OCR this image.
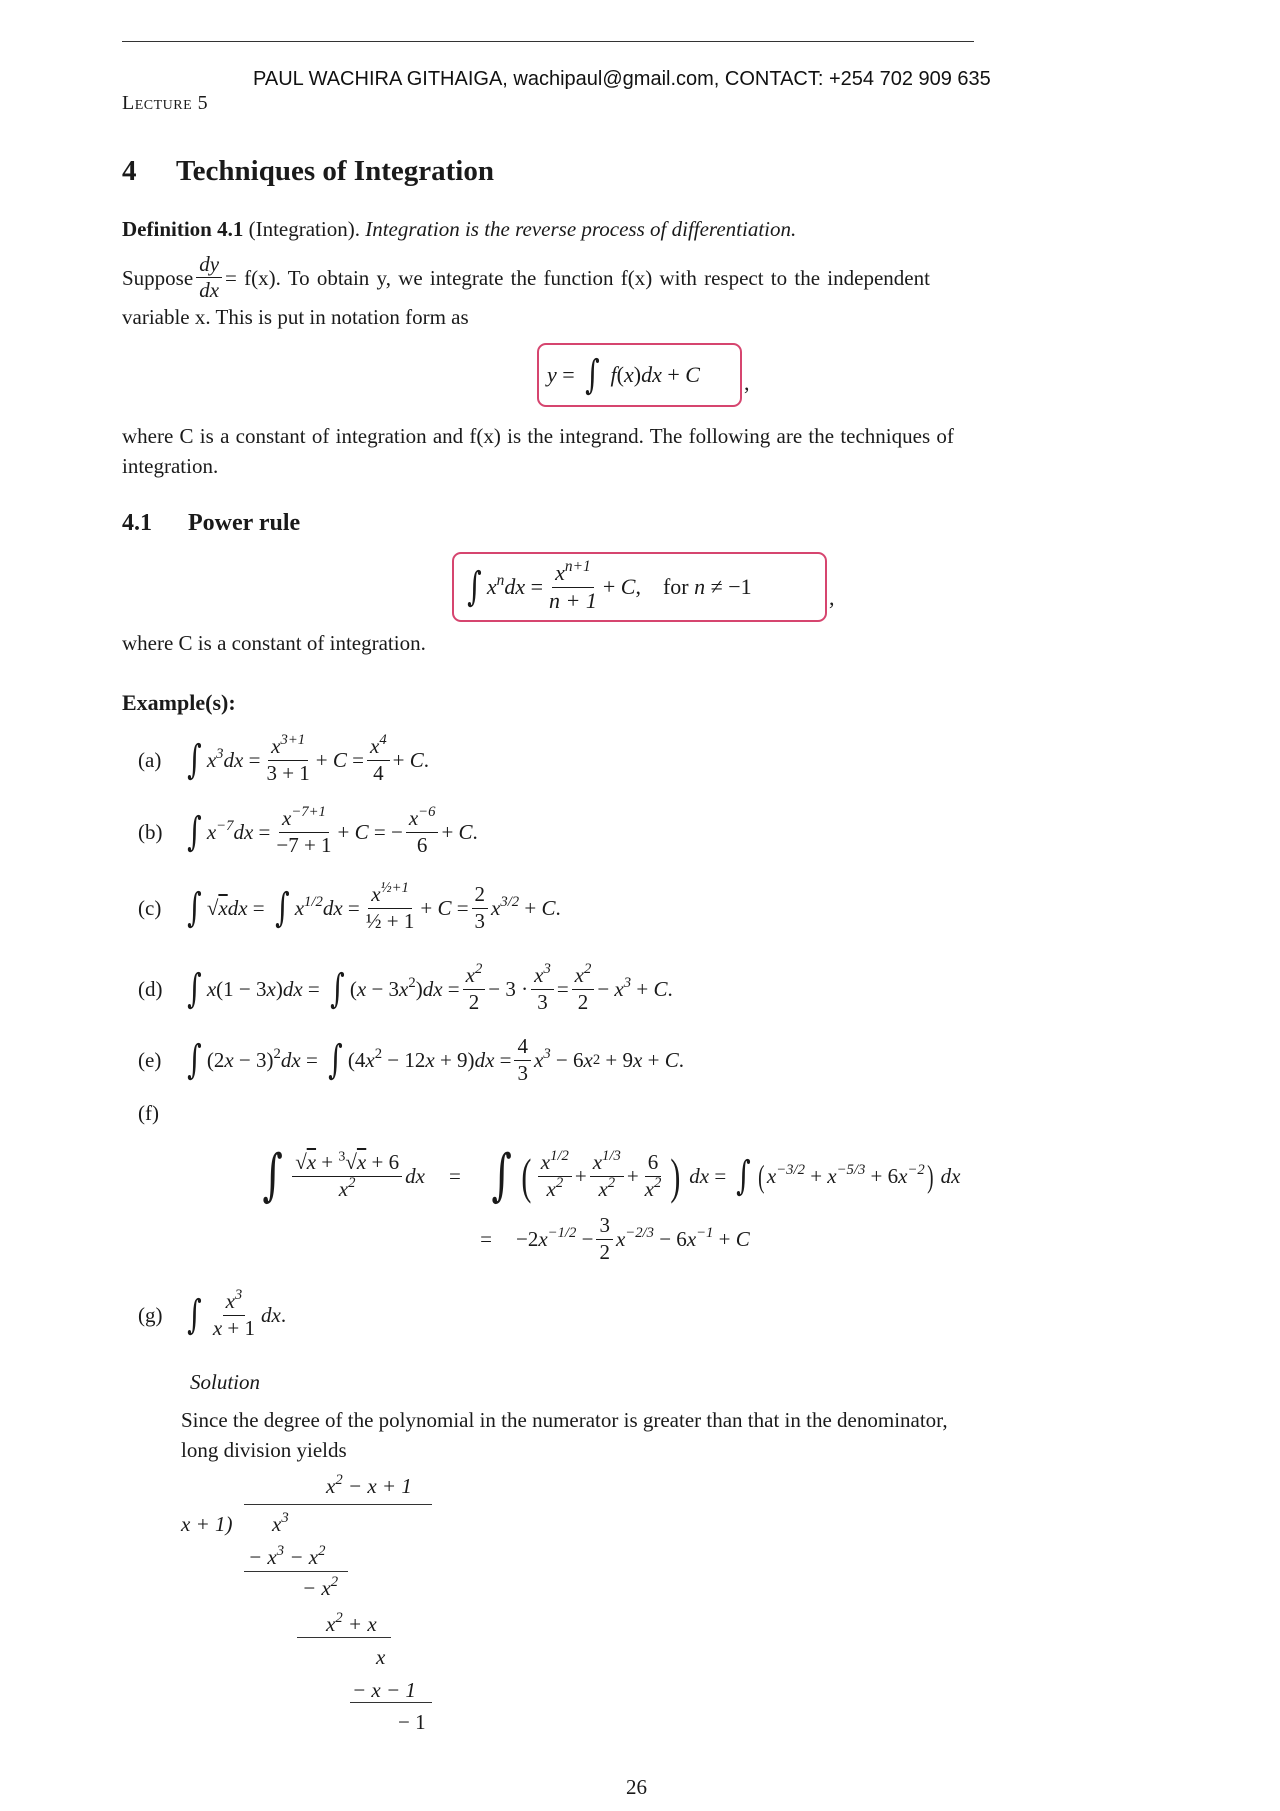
PAUL WACHIRA GITHAIGA, wachipaul@gmail.com, CONTACT: +254 702 909 635
Lecture 5
4 Techniques of Integration
Definition 4.1 (Integration). Integration is the reverse process of differentiation.
Suppose $\frac{dy}{dx} = f(x)$. To obtain y, we integrate the function f(x) with respect to the independent
variable x. This is put in notation form as
y = ∫
f ( x ) dx + C ,
where C is a constant of integration and f(x) is the integrand. The following are the techniques of
integration.
4.1 Power rule
∫ $x^ndx = \frac{x^{n+1}}{n + 1} + C$,    for n ≠ −1	,
where C is a constant of integration.
Example(s):
(a) ∫ $x^3dx = \frac{x^{3+1}}{3 + 1} + C = \frac{x^4}{4} + C$ .
(b) ∫ $x^{-7}dx = \frac{x^{-7+1}}{-7 + 1} + C$ = − $\frac{x^{-6}}{6} + C$ .
(c) ∫ √xdx = ∫ $x^{1/2}dx = \frac{x^{\frac{1}{2}+1}}{\text{½ + 1}} + C = \frac{2}{3} x^{3/2} + C$ .
(d) ∫ x(1 − 3x)dx = ∫ $(x - 3x^2)dx = \frac{x^2}{2} - 3 \cdot \frac{x^3}{3} = \frac{x^2}{2} - x^3 + C$ .
(e) ∫ $(2x - 3)^2dx$ = ∫ $(4x^2 - 12x + 9)dx = \frac{4}{3} x^3 - 6$ x 2 + 9 x + C .
(f)
∫ $\frac{√x + ^3√x + 6}{x^2}$ dx	= ∫ ( $\frac{x^{1/2}}{x^2} + \frac{x^{1/3}}{x^2} + \frac{6}{x^2}$ ) dx = ∫ ( $x^{-3/2} + x^{-5/3} + 6$ $x^{-2}$ )
dx
=	$-2x^{-1/2} - \frac{3}{2} x^{-2/3} - 6$ $x^{-1} + C$
(g) ∫ $\frac{x^3}{x + 1}$ dx .
Solution
Since the degree of the polynomial in the numerator is greater than that in the denominator,
long division yields
$x^2 - x + 1$
x + 1) $x^3$
− $x^3 - x^2$
− $x^2$
$x^2 + x$
x
− x − 1
− 1
26
